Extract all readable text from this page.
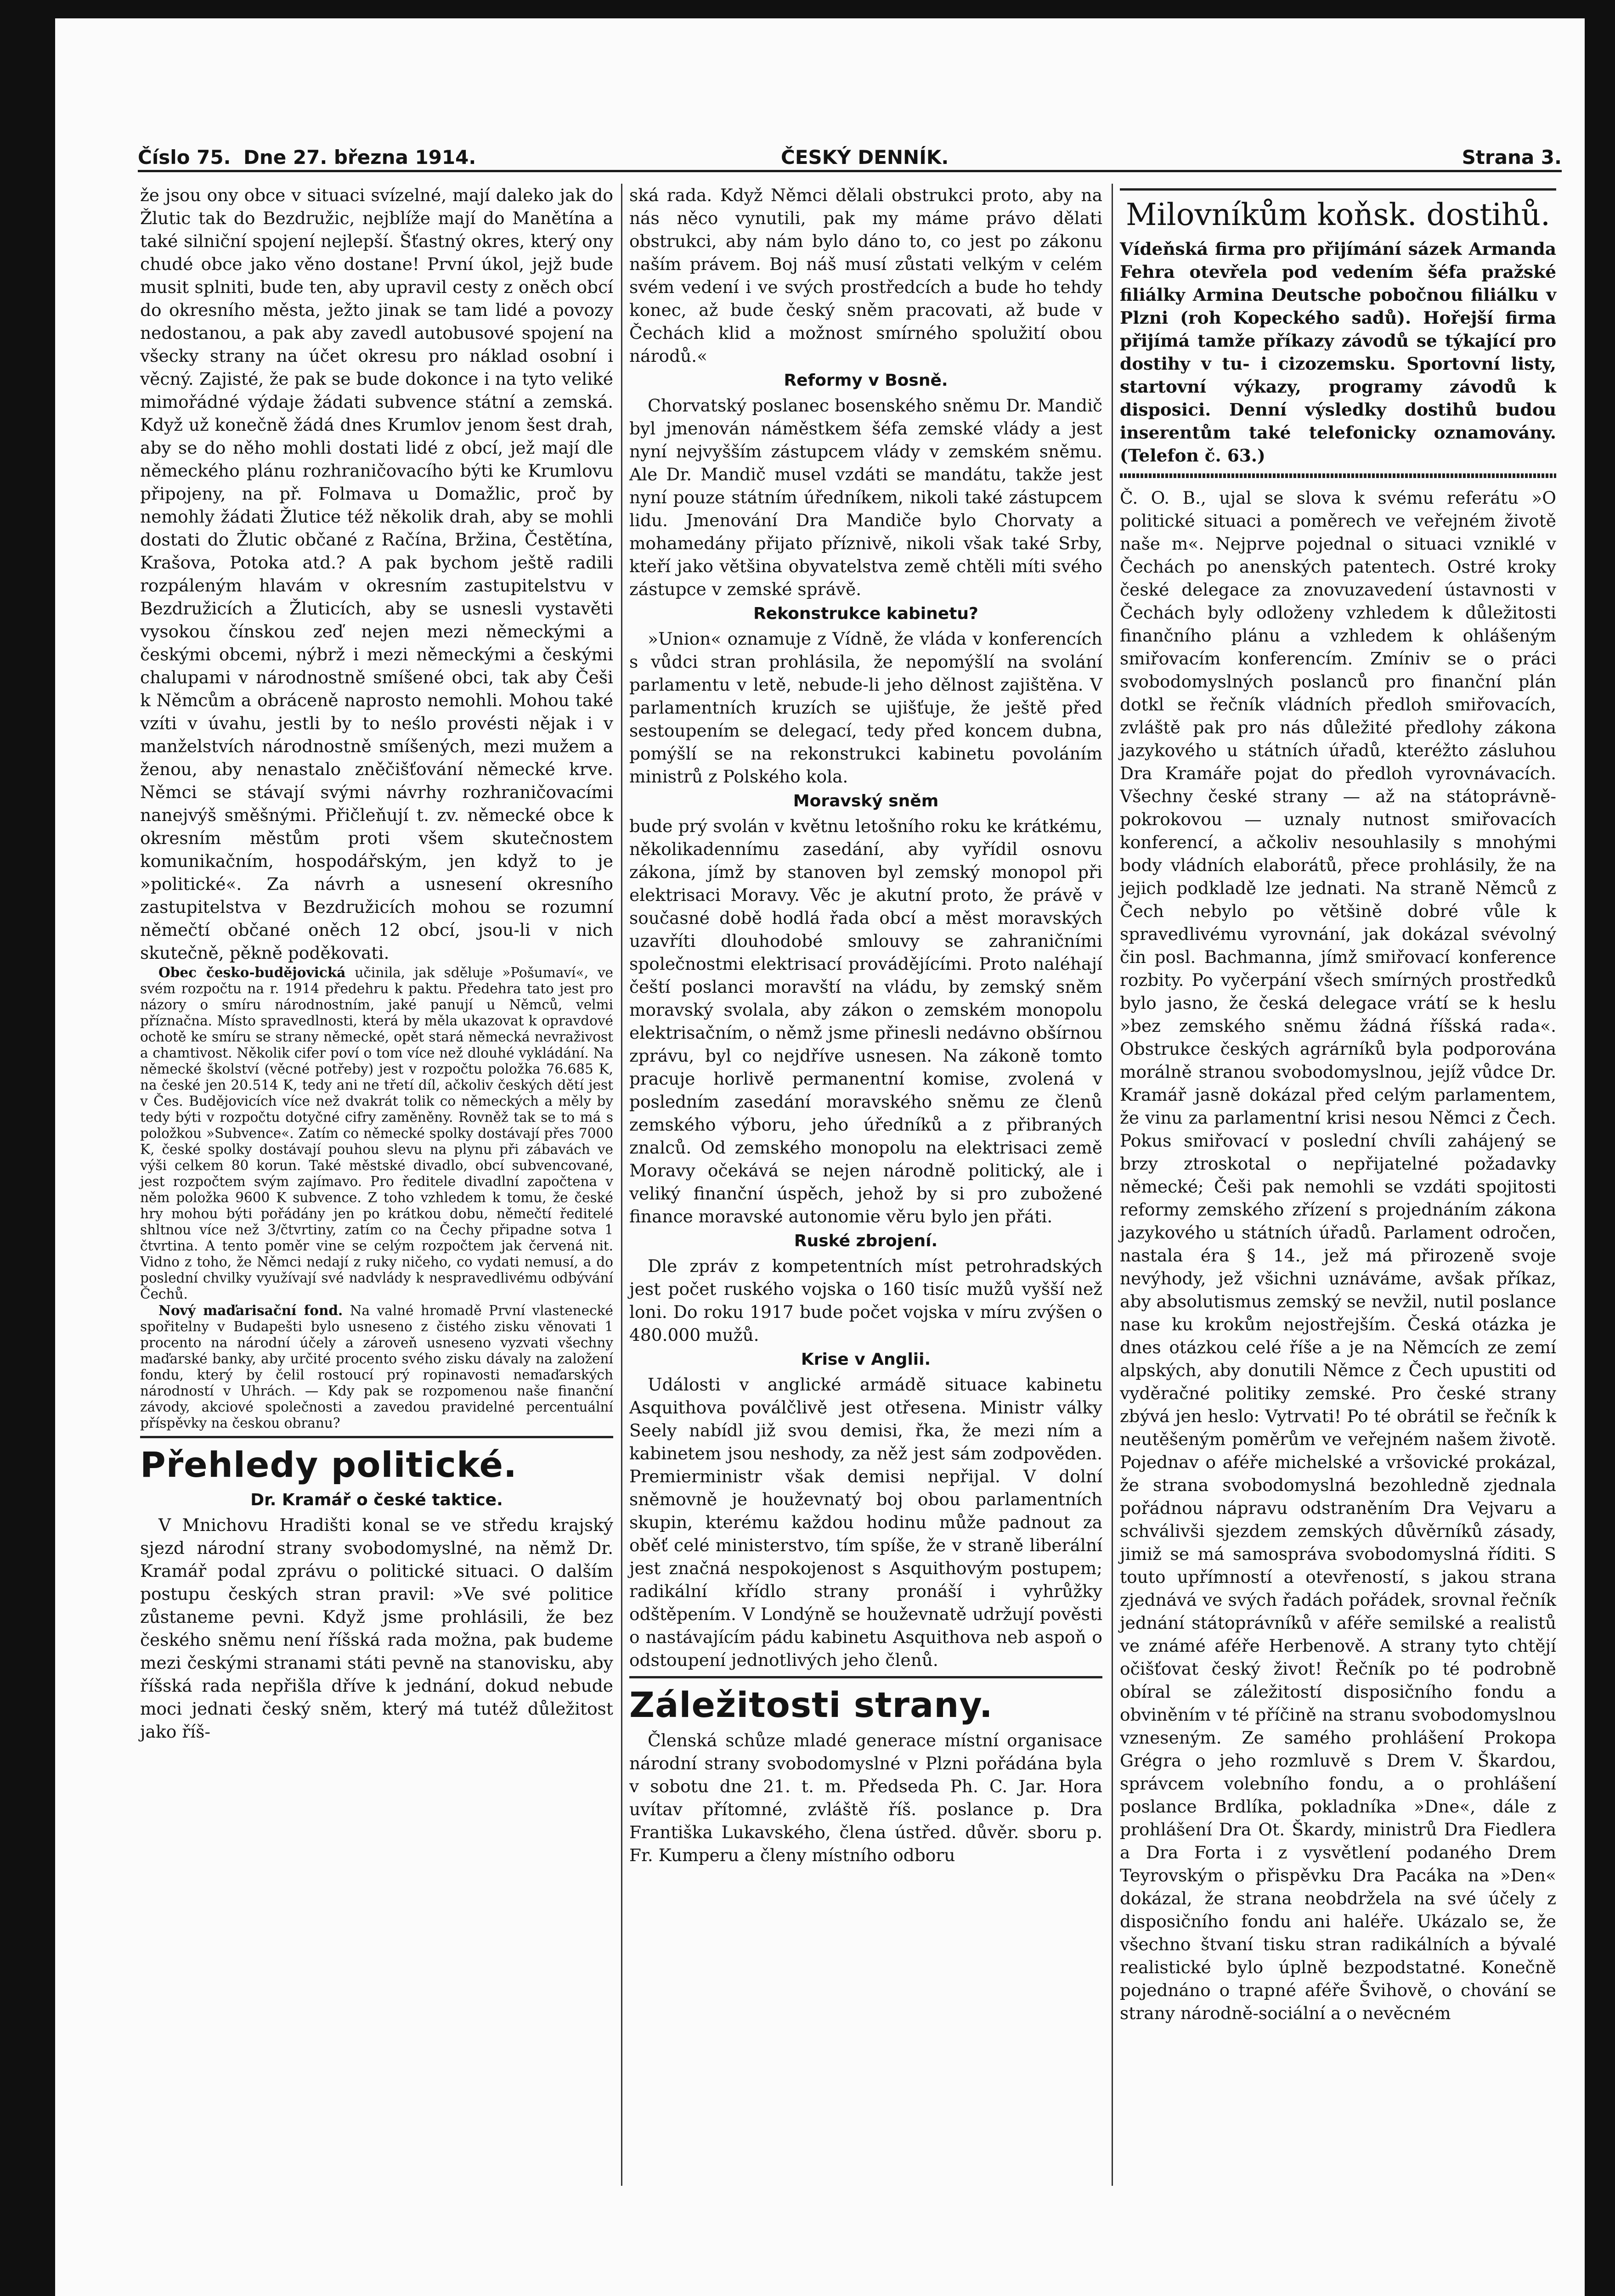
Číslo 75. Dne 27. března 1914.	ČESKÝ DENNÍK.	Strana 3.

že jsou ony obce v situaci svízelné, mají daleko jak do Žlutic tak do Bezdružic, nejblíže mají do Manětína a také silniční spojení nejlepší. Šťastný okres, který ony chudé obce jako věno dostane! První úkol, jejž bude musit splniti, bude ten, aby upravil cesty z oněch obcí do okresního města, ježto jinak se tam lidé a povozy nedostanou, a pak aby zavedl autobusové spojení na všecky strany na účet okresu pro náklad osobní i věcný. Zajisté, že pak se bude dokonce i na tyto veliké mimořádné výdaje žádati subvence státní a zemská. Když už konečně žádá dnes Krumlov jenom šest drah, aby se do něho mohli dostati lidé z obcí, jež mají dle německého plánu rozhraničovacího býti ke Krumlovu připojeny, na př. Folmava u Domažlic, proč by nemohly žádati Žlutice též několik drah, aby se mohli dostati do Žlutic občané z Račína, Bržina, Čestětína, Krašova, Potoka atd.? A pak bychom ještě radili rozpáleným hlavám v okresním zastupitelstvu v Bezdružicích a Žluticích, aby se usnesli vystavěti vysokou čínskou zeď nejen mezi německými a českými obcemi, nýbrž i mezi německými a českými chalupami v národnostně smíšené obci, tak aby Češi k Němcům a obráceně naprosto nemohli. Mohou také vzíti v úvahu, jestli by to neślo provésti nějak i v manželstvích národnostně smíšených, mezi mužem a ženou, aby nenastalo zněčišťování německé krve. Němci se stávají svými návrhy rozhraničovacími nanejvýš směšnými. Přičleňují t. zv. německé obce k okresním městům proti všem skutečnostem komunikačním, hospodářským, jen když to je »politické«. Za návrh a usnesení okresního zastupitelstva v Bezdružicích mohou se rozumní němečtí občané oněch 12 obcí, jsou-li v nich skutečně, pěkně poděkovati.

Obec česko-budějovická učinila, jak sděluje »Pošumaví«, ve svém rozpočtu na r. 1914 předehru k paktu. Předehra tato jest pro názory o smíru národnostním, jaké panují u Němců, velmi příznačna. Místo spravedlnosti, která by měla ukazovat k opravdové ochotě ke smíru se strany německé, opět stará německá nevraživost a chamtivost. Několik cifer poví o tom více než dlouhé vykládání. Na německé školství (věcné potřeby) jest v rozpočtu položka 76.685 K, na české jen 20.514 K, tedy ani ne třetí díl, ačkoliv českých dětí jest v Čes. Budějovicích více než dvakrát tolik co německých a měly by tedy býti v rozpočtu dotyčné cifry zaměněny. Rovněž tak se to má s položkou »Subvence«. Zatím co německé spolky dostávají přes 7000 K, české spolky dostávají pouhou slevu na plynu při zábavách ve výši celkem 80 korun. Také městské divadlo, obcí subvencované, jest rozpočtem svým zajímavo. Pro ředitele divadlní započtena v něm položka 9600 K subvence. Z toho vzhledem k tomu, že české hry mohou býti pořádány jen po krátkou dobu, němečtí ředitelé shltnou více než 3/čtvrtiny, zatím co na Čechy připadne sotva 1 čtvrtina. A tento poměr vine se celým rozpočtem jak červená nit. Vidno z toho, že Němci nedají z ruky ničeho, co vydati nemusí, a do poslední chvilky využívají své nadvlády k nespravedlivému odbývání Čechů.

Nový maďarisační fond. Na valné hromadě První vlastenecké spořitelny v Budapešti bylo usneseno z čistého zisku věnovati 1 procento na národní účely a zároveň usneseno vyzvati všechny maďarské banky, aby určité procento svého zisku dávaly na založení fondu, který by čelil rostoucí prý ropinavosti nemaďarských národností v Uhrách. — Kdy pak se rozpomenou naše finanční závody, akciové společnosti a zavedou pravidelné percentuální příspěvky na českou obranu?

Přehledy politické.
Dr. Kramář o české taktice.

V Mnichovu Hradišti konal se ve středu krajský sjezd národní strany svobodomyslné, na němž Dr. Kramář podal zprávu o politické situaci. O dalším postupu českých stran pravil: »Ve své politice zůstaneme pevni. Když jsme prohlásili, že bez českého sněmu není říšská rada možna, pak budeme mezi českými stranami státi pevně na stanovisku, aby říšská rada nepřišla dříve k jednání, dokud nebude moci jednati český sněm, který má tutéž důležitost jako říš-

ská rada. Když Němci dělali obstrukci proto, aby na nás něco vynutili, pak my máme právo dělati obstrukci, aby nám bylo dáno to, co jest po zákonu naším právem. Boj náš musí zůstati velkým v celém svém vedení i ve svých prostředcích a bude ho tehdy konec, až bude český sněm pracovati, až bude v Čechách klid a možnost smírného spolužití obou národů.«

Reformy v Bosně.

Chorvatský poslanec bosenského sněmu Dr. Mandič byl jmenován náměstkem šéfa zemské vlády a jest nyní nejvyšším zástupcem vlády v zemském sněmu. Ale Dr. Mandič musel vzdáti se mandátu, takže jest nyní pouze státním úředníkem, nikoli také zástupcem lidu. Jmenování Dra Mandiče bylo Chorvaty a mohamedány přijato příznivě, nikoli však také Srby, kteří jako většina obyvatelstva země chtěli míti svého zástupce v zemské správě.

Rekonstrukce kabinetu?

»Union« oznamuje z Vídně, že vláda v konferencích s vůdci stran prohlásila, že nepomýšlí na svolání parlamentu v letě, nebude-li jeho dělnost zajištěna. V parlamentních kruzích se ujišťuje, že ještě před sestoupením se delegací, tedy před koncem dubna, pomýšlí se na rekonstrukci kabinetu povoláním ministrů z Polského kola.

Moravský sněm

bude prý svolán v květnu letošního roku ke krátkému, několikadennímu zasedání, aby vyřídil osnovu zákona, jímž by stanoven byl zemský monopol při elektrisaci Moravy. Věc je akutní proto, že právě v současné době hodlá řada obcí a měst moravských uzavříti dlouhodobé smlouvy se zahraničními společnostmi elektrisací provádějícími. Proto naléhají čeští poslanci moravští na vládu, by zemský sněm moravský svolala, aby zákon o zemském monopolu elektrisačním, o němž jsme přinesli nedávno obšírnou zprávu, byl co nejdříve usnesen. Na zákoně tomto pracuje horlivě permanentní komise, zvolená v posledním zasedání moravského sněmu ze členů zemského výboru, jeho úředníků a z přibraných znalců. Od zemského monopolu na elektrisaci země Moravy očekává se nejen národně politický, ale i veliký finanční úspěch, jehož by si pro zubožené finance moravské autonomie věru bylo jen přáti.

Ruské zbrojení.

Dle zpráv z kompetentních míst petrohradských jest počet ruského vojska o 160 tisíc mužů vyšší než loni. Do roku 1917 bude počet vojska v míru zvýšen o 480.000 mužů.

Krise v Anglii.

Události v anglické armádě situace kabinetu Asquithova poválčlivě jest otřesena. Ministr války Seely nabídl již svou demisi, řka, že mezi ním a kabinetem jsou neshody, za něž jest sám zodpověden. Premierministr však demisi nepřijal. V dolní sněmovně je houževnatý boj obou parlamentních skupin, kterému každou hodinu může padnout za oběť celé ministerstvo, tím spíše, že v straně liberální jest značná nespokojenost s Asquithovým postupem; radikální křídlo strany pronáší i vyhrůžky odštěpením. V Londýně se houževnatě udržují pověsti o nastávajícím pádu kabinetu Asquithova neb aspoň o odstoupení jednotlivých jeho členů.

Záležitosti strany.

Členská schůze mladé generace místní organisace národní strany svobodomyslné v Plzni pořádána byla v sobotu dne 21. t. m. Předseda Ph. C. Jar. Hora uvítav přítomné, zvláště říš. poslance p. Dra Františka Lukavského, člena ústřed. důvěr. sboru p. Fr. Kumperu a členy místního odboru

Milovníkům koňsk. dostihů.

Vídeňská firma pro přijímání sázek Armanda Fehra otevřela pod vedením šéfa pražské filiálky Armina Deutsche pobočnou filiálku v Plzni (roh Kopeckého sadů). Hořejší firma přijímá tamže příkazy závodů se týkající pro dostihy v tu- i cizozemsku. Sportovní listy, startovní výkazy, programy závodů k disposici. Denní výsledky dostihů budou inserentům také telefonicky oznamovány. (Telefon č. 63.)

Č. O. B., ujal se slova k svému referátu »O politické situaci a poměrech ve veřejném životě naše m«. Nejprve pojednal o situaci vzniklé v Čechách po anenských patentech. Ostré kroky české delegace za znovuzavedení ústavnosti v Čechách byly odloženy vzhledem k důležitosti finančního plánu a vzhledem k ohlášeným smiřovacím konferencím. Zmíniv se o práci svobodomyslných poslanců pro finanční plán dotkl se řečník vládních předloh smiřovacích, zvláště pak pro nás důležité předlohy zákona jazykového u státních úřadů, kteréžto zásluhou Dra Kramáře pojat do předloh vyrovnávacích. Všechny české strany — až na státoprávně-pokrokovou — uznaly nutnost smiřovacích konferencí, a ačkoliv nesouhlasily s mnohými body vládních elaborátů, přece prohlásily, že na jejich podkladě lze jednati. Na straně Němců z Čech nebylo po většině dobré vůle k spravedlivému vyrovnání, jak dokázal svévolný čin posl. Bachmanna, jímž smiřovací konference rozbity. Po vyčerpání všech smírných prostředků bylo jasno, že česká delegace vrátí se k heslu »bez zemského sněmu žádná říšská rada«. Obstrukce českých agrárníků byla podporována morálně stranou svobodomyslnou, jejíž vůdce Dr. Kramář jasně dokázal před celým parlamentem, že vinu za parlamentní krisi nesou Němci z Čech. Pokus smiřovací v poslední chvíli zahájený se brzy ztroskotal o nepřijatelné požadavky německé; Češi pak nemohli se vzdáti spojitosti reformy zemského zřízení s projednáním zákona jazykového u státních úřadů. Parlament odročen, nastala éra § 14., jež má přirozeně svoje nevýhody, jež všichni uznáváme, avšak příkaz, aby absolutismus zemský se nevžil, nutil poslance nase ku krokům nejostřejším. Česká otázka je dnes otázkou celé říše a je na Němcích ze zemí alpských, aby donutili Němce z Čech upustiti od vyděračné politiky zemské. Pro české strany zbývá jen heslo: Vytrvati! Po té obrátil se řečník k neutěšeným poměrům ve veřejném našem životě. Pojednav o aféře michelské a vršovické prokázal, že strana svobodomyslná bezohledně zjednala pořádnou nápravu odstraněním Dra Vejvaru a schválivši sjezdem zemských důvěrníků zásady, jimiž se má samosprávа svobodomyslná říditi. S touto upřímností a otevřeností, s jakou strana zjednává ve svých řadách pořádek, srovnal řečník jednání státoprávníků v aféře semilské a realistů ve známé aféře Herbenově. A strany tyto chtějí očišťovat český život! Řečník po té podrobně obíral se záležitostí disposičního fondu a obviněním v té příčině na stranu svobodomyslnou vzneseným. Ze samého prohlášení Prokopa Grégra o jeho rozmluvě s Drem V. Škardou, správcem volebního fondu, a o prohlášení poslance Brdlíka, pokladníka »Dne«, dále z prohlášení Dra Ot. Škardy, ministrů Dra Fiedlera a Dra Forta i z vysvětlení podaného Drem Teyrovským o přispěvku Dra Pacáka na »Den« dokázal, že strana neobdržela na své účely z disposičního fondu ani haléře. Ukázalo se, že všechno štvaní tisku stran radikálních a bývalé realistické bylo úplně bezpodstatné. Konečně pojednáno o trapné aféře Švihově, o chování se strany národně-sociální a o nevěcném
